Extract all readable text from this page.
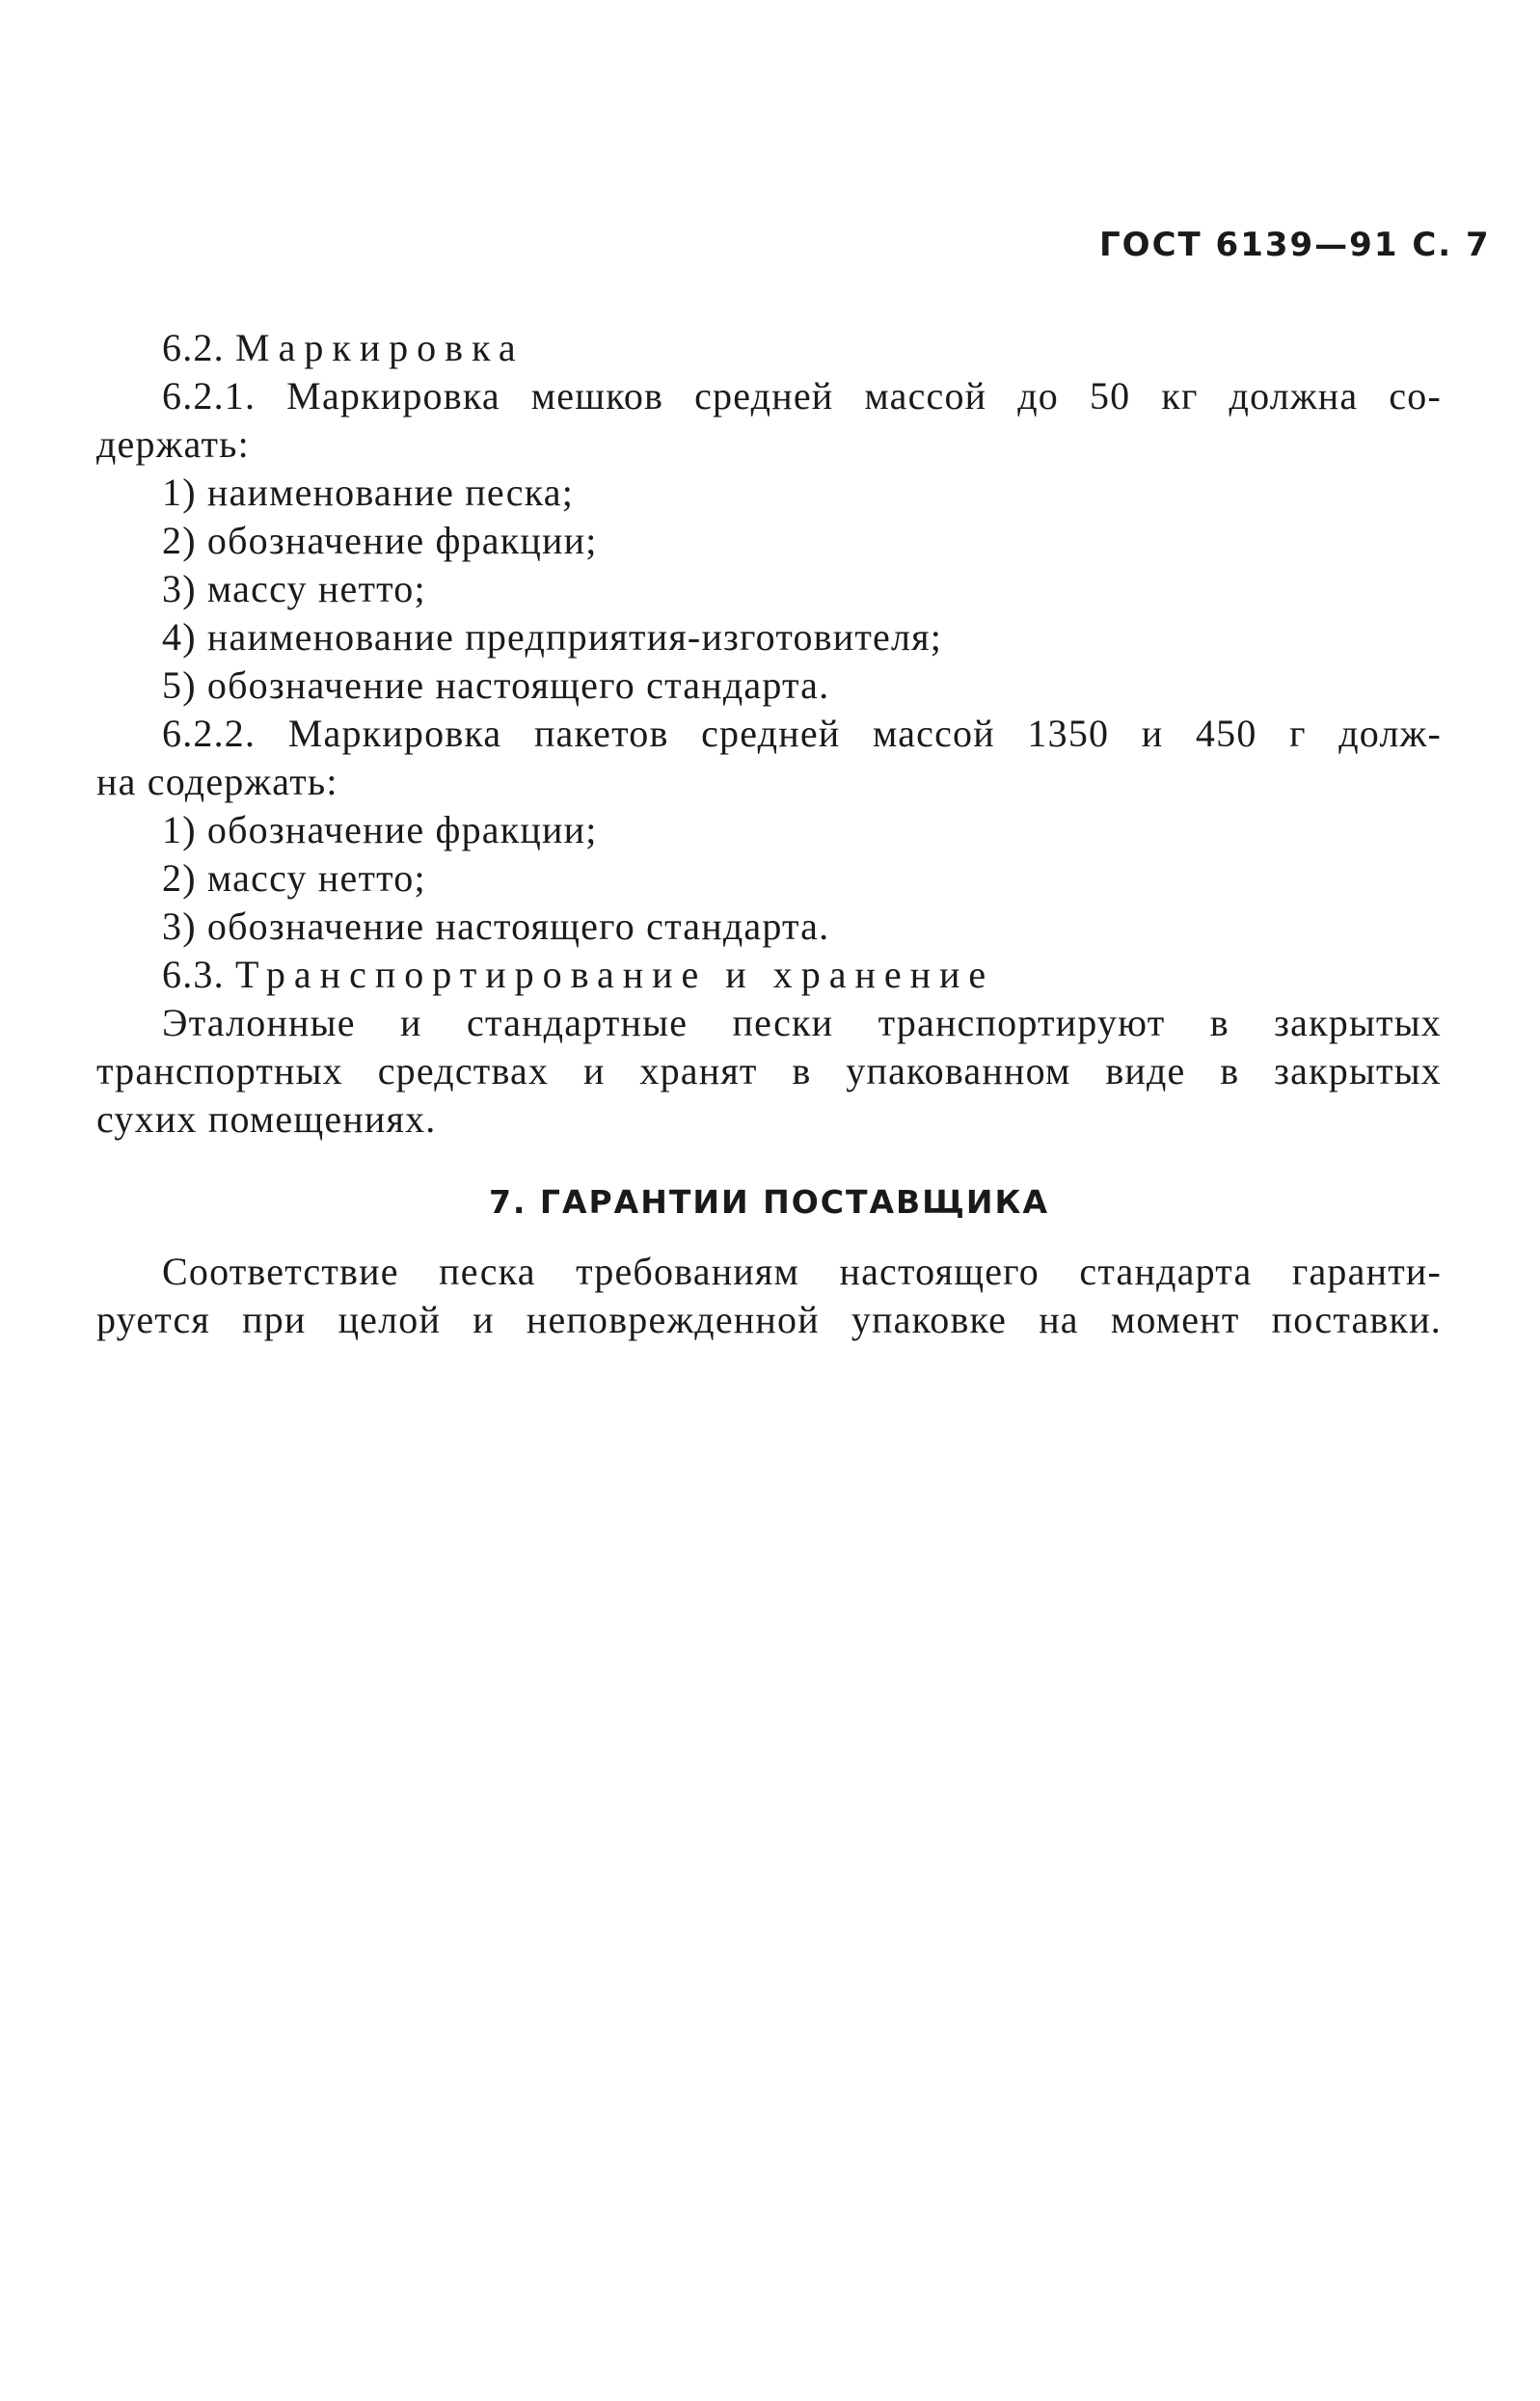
ГОСТ 6139—91 С. 7
6.2. Маркировка
6.2.1. Маркировка мешков средней массой до 50 кг должна со-
держать:
1) наименование песка;
2) обозначение фракции;
3) массу нетто;
4) наименование предприятия-изготовителя;
5) обозначение настоящего стандарта.
6.2.2. Маркировка пакетов средней массой 1350 и 450 г долж-
на содержать:
1) обозначение фракции;
2) массу нетто;
3) обозначение настоящего стандарта.
6.3. Транспортирование и хранение
Эталонные и стандартные пески транспортируют в закрытых
транспортных средствах и хранят в упакованном виде в закрытых
сухих помещениях.
7. ГАРАНТИИ ПОСТАВЩИКА
Соответствие песка требованиям настоящего стандарта гаранти-
руется при целой и неповрежденной упаковке на момент поставки.
